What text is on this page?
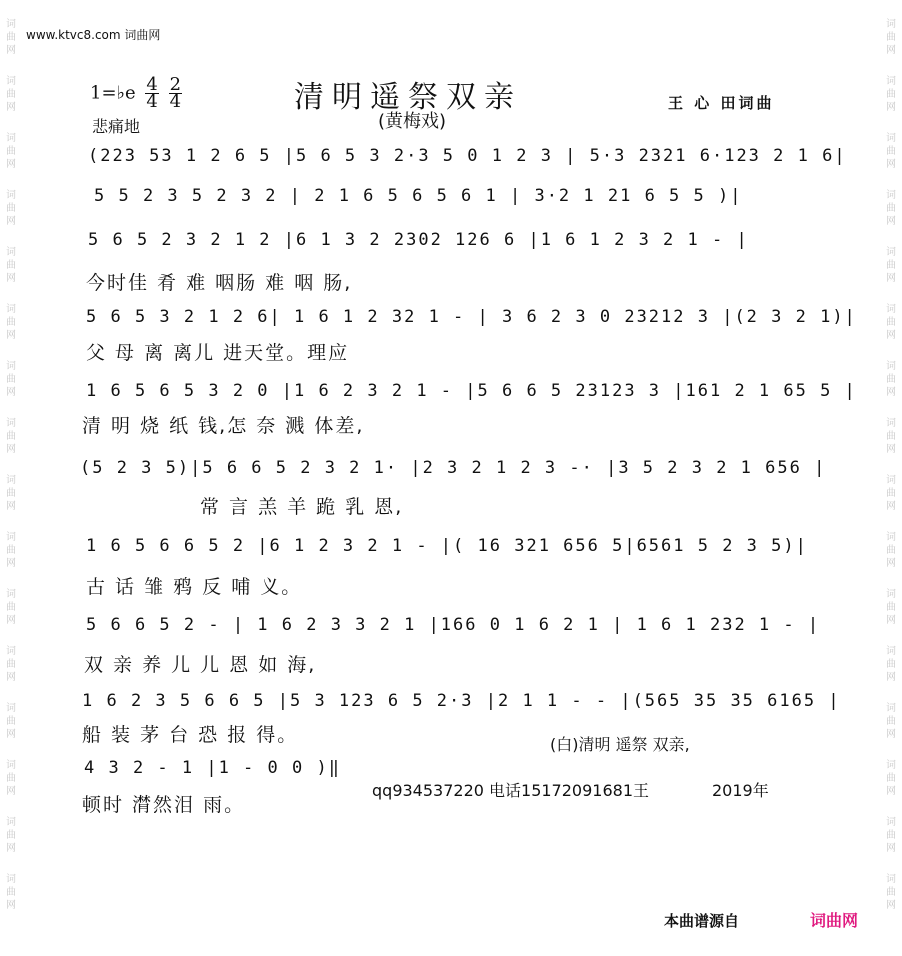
词曲网
词曲网
词曲网
词曲网
词曲网
词曲网
词曲网
词曲网
词曲网
词曲网
词曲网
词曲网
词曲网
词曲网
词曲网
词曲网
词曲网
词曲网
词曲网
词曲网
词曲网
词曲网
词曲网
词曲网
词曲网
词曲网
词曲网
词曲网
词曲网
词曲网
词曲网
词曲网
www.ktvc8.com 词曲网
1=♭e $\frac{4}{4}$
$\frac{2}{4}$
悲痛地
清明遥祭双亲
(黄梅戏)
王 心 田词曲
(223 53 1 2 6 5 |5 6 5 3 2·3 5 0 1 2 3 | 5·3 2321 6·123 2 1 6|
5 5 2 3 5 2 3 2 | 2 1 6 5 6 5 6 1 | 3·2 1 21 6 5 5 )|
5 6 5 2 3 2 1 2 |6 1 3 2 2302 126 6 |1 6 1 2 3 2 1 - |
今时佳 肴 难 咽肠 难 咽 肠,
5 6 5 3 2 1 2 6| 1 6 1 2 32 1 - | 3 6 2 3 0 23212 3 |(2 3 2 1)|
父 母 离 离儿 进天堂。理应
1 6 5 6 5 3 2 0 |1 6 2 3 2 1 - |5 6 6 5 23123 3 |161 2 1 65 5 |
清 明 烧 纸 钱,怎 奈 溅 体差,
(5 2 3 5)|5 6 6 5 2 3 2 1· |2 3 2 1 2 3 -· |3 5 2 3 2 1 656 |
常 言 羔 羊 跪 乳 恩,
1 6 5 6 6 5 2 |6 1 2 3 2 1 - |( 16 321 656 5|6561 5 2 3 5)|
古 话 雏 鸦 反 哺 义。
5 6 6 5 2 - | 1 6 2 3 3 2 1 |166 0 1 6 2 1 | 1 6 1 232 1 - |
双 亲 养 儿 儿 恩 如 海,
1 6 2 3 5 6 6 5 |5 3 123 6 5 2·3 |2 1 1 - - |(565 35 35 6165 |
船 装 茅 台 恐 报 得。	(白)清明 遥祭 双亲,
4 3 2 - 1 |1 - 0 0 )‖
顿时 潸然泪 雨。
qq934537220 电话15172091681王	2019年
本曲谱源自	词曲网
